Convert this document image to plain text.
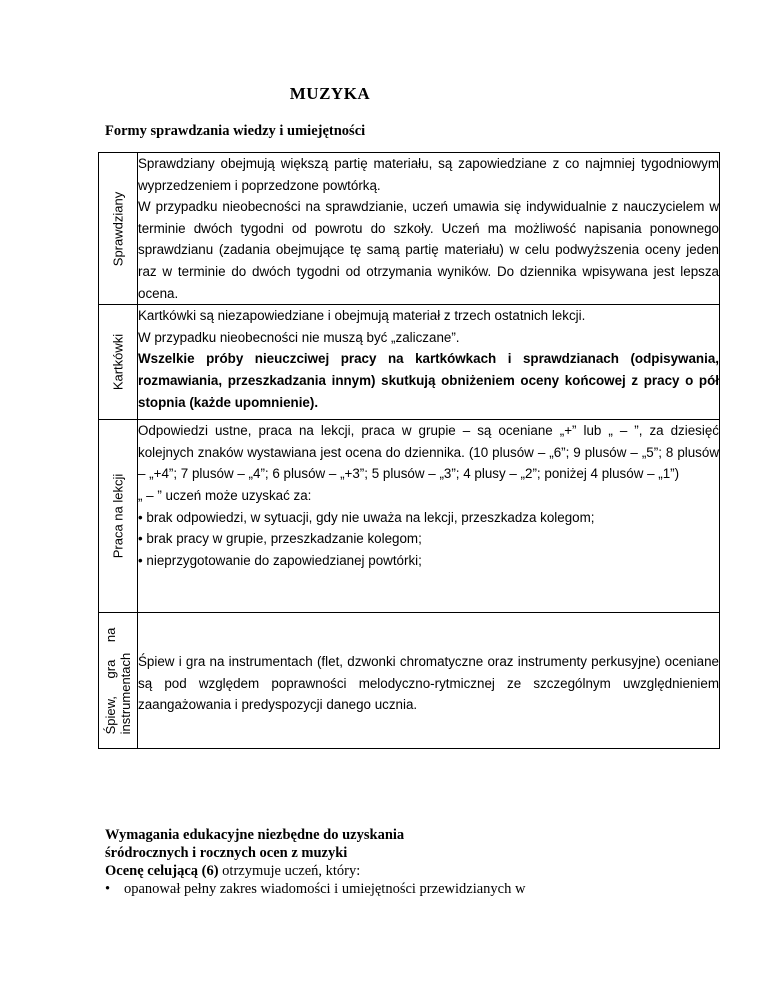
MUZYKA
Formy sprawdzania wiedzy i umiejętności
Sprawdziany	Sprawdziany obejmują większą partię materiału, są zapowiedziane z co najmniej tygodniowym wyprzedzeniem i poprzedzone powtórką.
W przypadku nieobecności na sprawdzianie, uczeń umawia się indywidualnie z nauczycielem w terminie dwóch tygodni od powrotu do szkoły. Uczeń ma możliwość napisania ponownego sprawdzianu (zadania obejmujące tę samą partię materiału) w celu podwyższenia oceny jeden raz w terminie do dwóch tygodni od otrzymania wyników. Do dziennika wpisywana jest lepsza ocena.

Kartkówki	Kartkówki są niezapowiedziane i obejmują materiał z trzech ostatnich lekcji.
W przypadku nieobecności nie muszą być „zaliczane”.
Wszelkie próby nieuczciwej pracy na kartkówkach i sprawdzianach (odpisywania, rozmawiania, przeszkadzania innym) skutkują obniżeniem oceny końcowej z pracy o pół stopnia (każde upomnienie).

Praca na lekcji	Odpowiedzi ustne, praca na lekcji, praca w grupie – są oceniane „+” lub „ – ”, za dziesięć kolejnych znaków wystawiana jest ocena do dziennika. (10 plusów – „6”; 9 plusów – „5”; 8 plusów – „+4”; 7 plusów – „4”; 6 plusów – „+3”; 5 plusów – „3”; 4 plusy – „2”; poniżej 4 plusów – „1”)
„ – ” uczeń może uzyskać za:
• brak odpowiedzi, w sytuacji, gdy nie uważa na lekcji, przeszkadza kolegom;
• brak pracy w grupie, przeszkadzanie kolegom;
• nieprzygotowanie do zapowiedzianej powtórki;

Śpiew, gra na instrumentach	Śpiew i gra na instrumentach (flet, dzwonki chromatyczne oraz instrumenty perkusyjne) oceniane są pod względem poprawności melodyczno-rytmicznej ze szczególnym uwzględnieniem zaangażowania i predyspozycji danego ucznia.
Wymagania edukacyjne niezbędne do uzyskania
śródrocznych i rocznych ocen z muzyki
Ocenę celującą (6) otrzymuje uczeń, który:
• opanował pełny zakres wiadomości i umiejętności przewidzianych w
